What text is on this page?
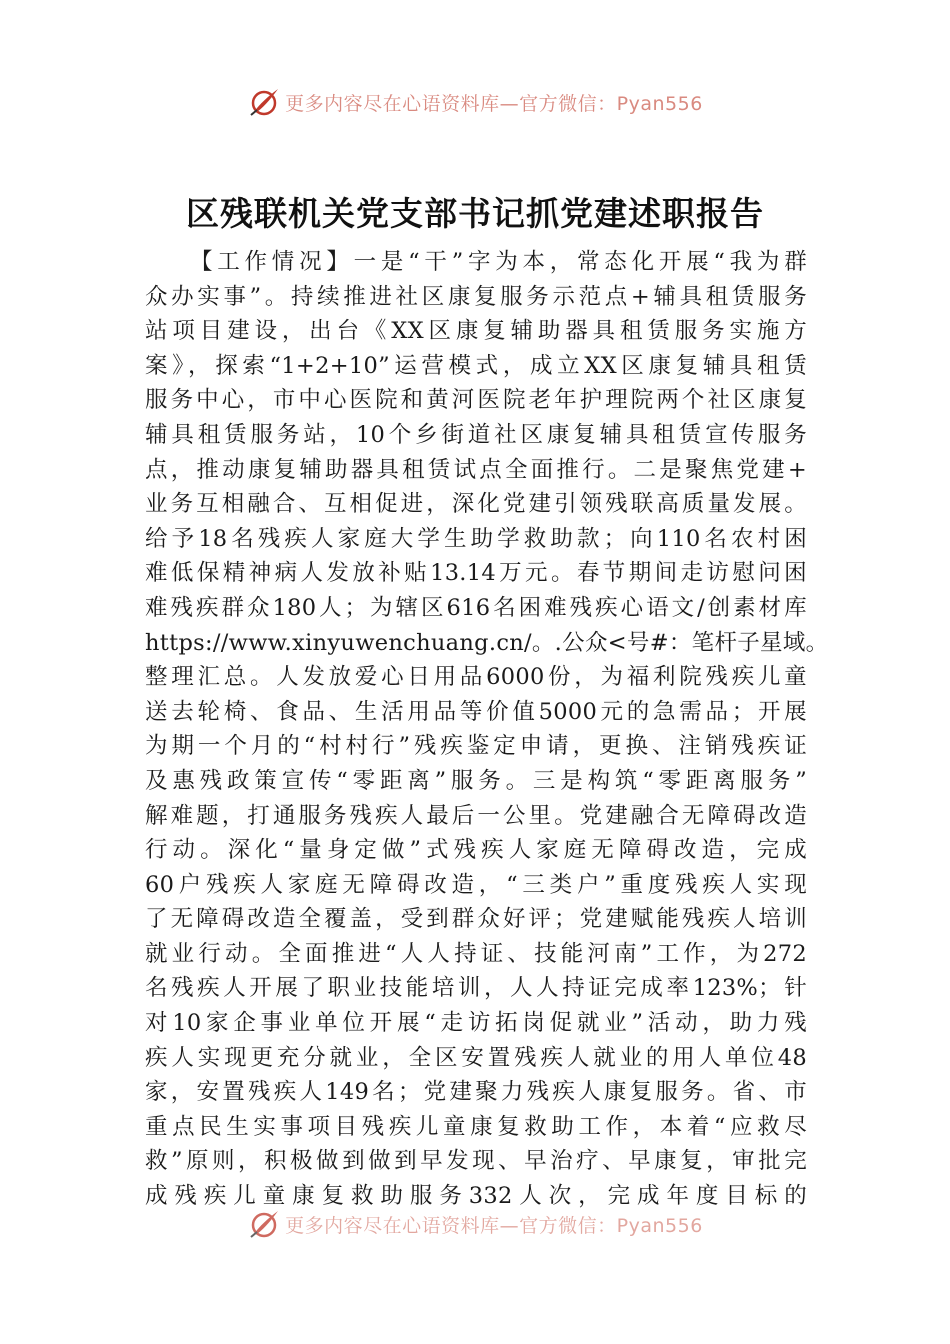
更多内容尽在心语资料库—官方微信：Pyan556
区残联机关党支部书记抓党建述职报告
【工作情况】一是“干”字为本，常态化开展“我为群
众办实事”。持续推进社区康复服务示范点+辅具租赁服务
站项目建设，出台《XX区康复辅助器具租赁服务实施方
案》，探索“1+2+10”运营模式，成立XX区康复辅具租赁
服务中心，市中心医院和黄河医院老年护理院两个社区康复
辅具租赁服务站，10个乡街道社区康复辅具租赁宣传服务
点，推动康复辅助器具租赁试点全面推行。二是聚焦党建+
业务互相融合、互相促进，深化党建引领残联高质量发展。
给予18名残疾人家庭大学生助学救助款；向110名农村困
难低保精神病人发放补贴13.14万元。春节期间走访慰问困
难残疾群众180人；为辖区616名困难残疾心语文/创素材库
https://www.xinyuwenchuang.cn/。.公众<号#：笔杆子星域。
整理汇总。人发放爱心日用品6000份，为福利院残疾儿童
送去轮椅、食品、生活用品等价值5000元的急需品；开展
为期一个月的“村村行”残疾鉴定申请，更换、注销残疾证
及惠残政策宣传“零距离”服务。三是构筑“零距离服务”
解难题，打通服务残疾人最后一公里。党建融合无障碍改造
行动。深化“量身定做”式残疾人家庭无障碍改造，完成
60户残疾人家庭无障碍改造，“三类户”重度残疾人实现
了无障碍改造全覆盖，受到群众好评；党建赋能残疾人培训
就业行动。全面推进“人人持证、技能河南”工作，为272
名残疾人开展了职业技能培训，人人持证完成率123%；针
对10家企事业单位开展“走访拓岗促就业”活动，助力残
疾人实现更充分就业，全区安置残疾人就业的用人单位48
家，安置残疾人149名；党建聚力残疾人康复服务。省、市
重点民生实事项目残疾儿童康复救助工作，本着“应救尽
救”原则，积极做到做到早发现、早治疗、早康复，审批完
成残疾儿童康复救助服务332人次，完成年度目标的
更多内容尽在心语资料库—官方微信：Pyan556
